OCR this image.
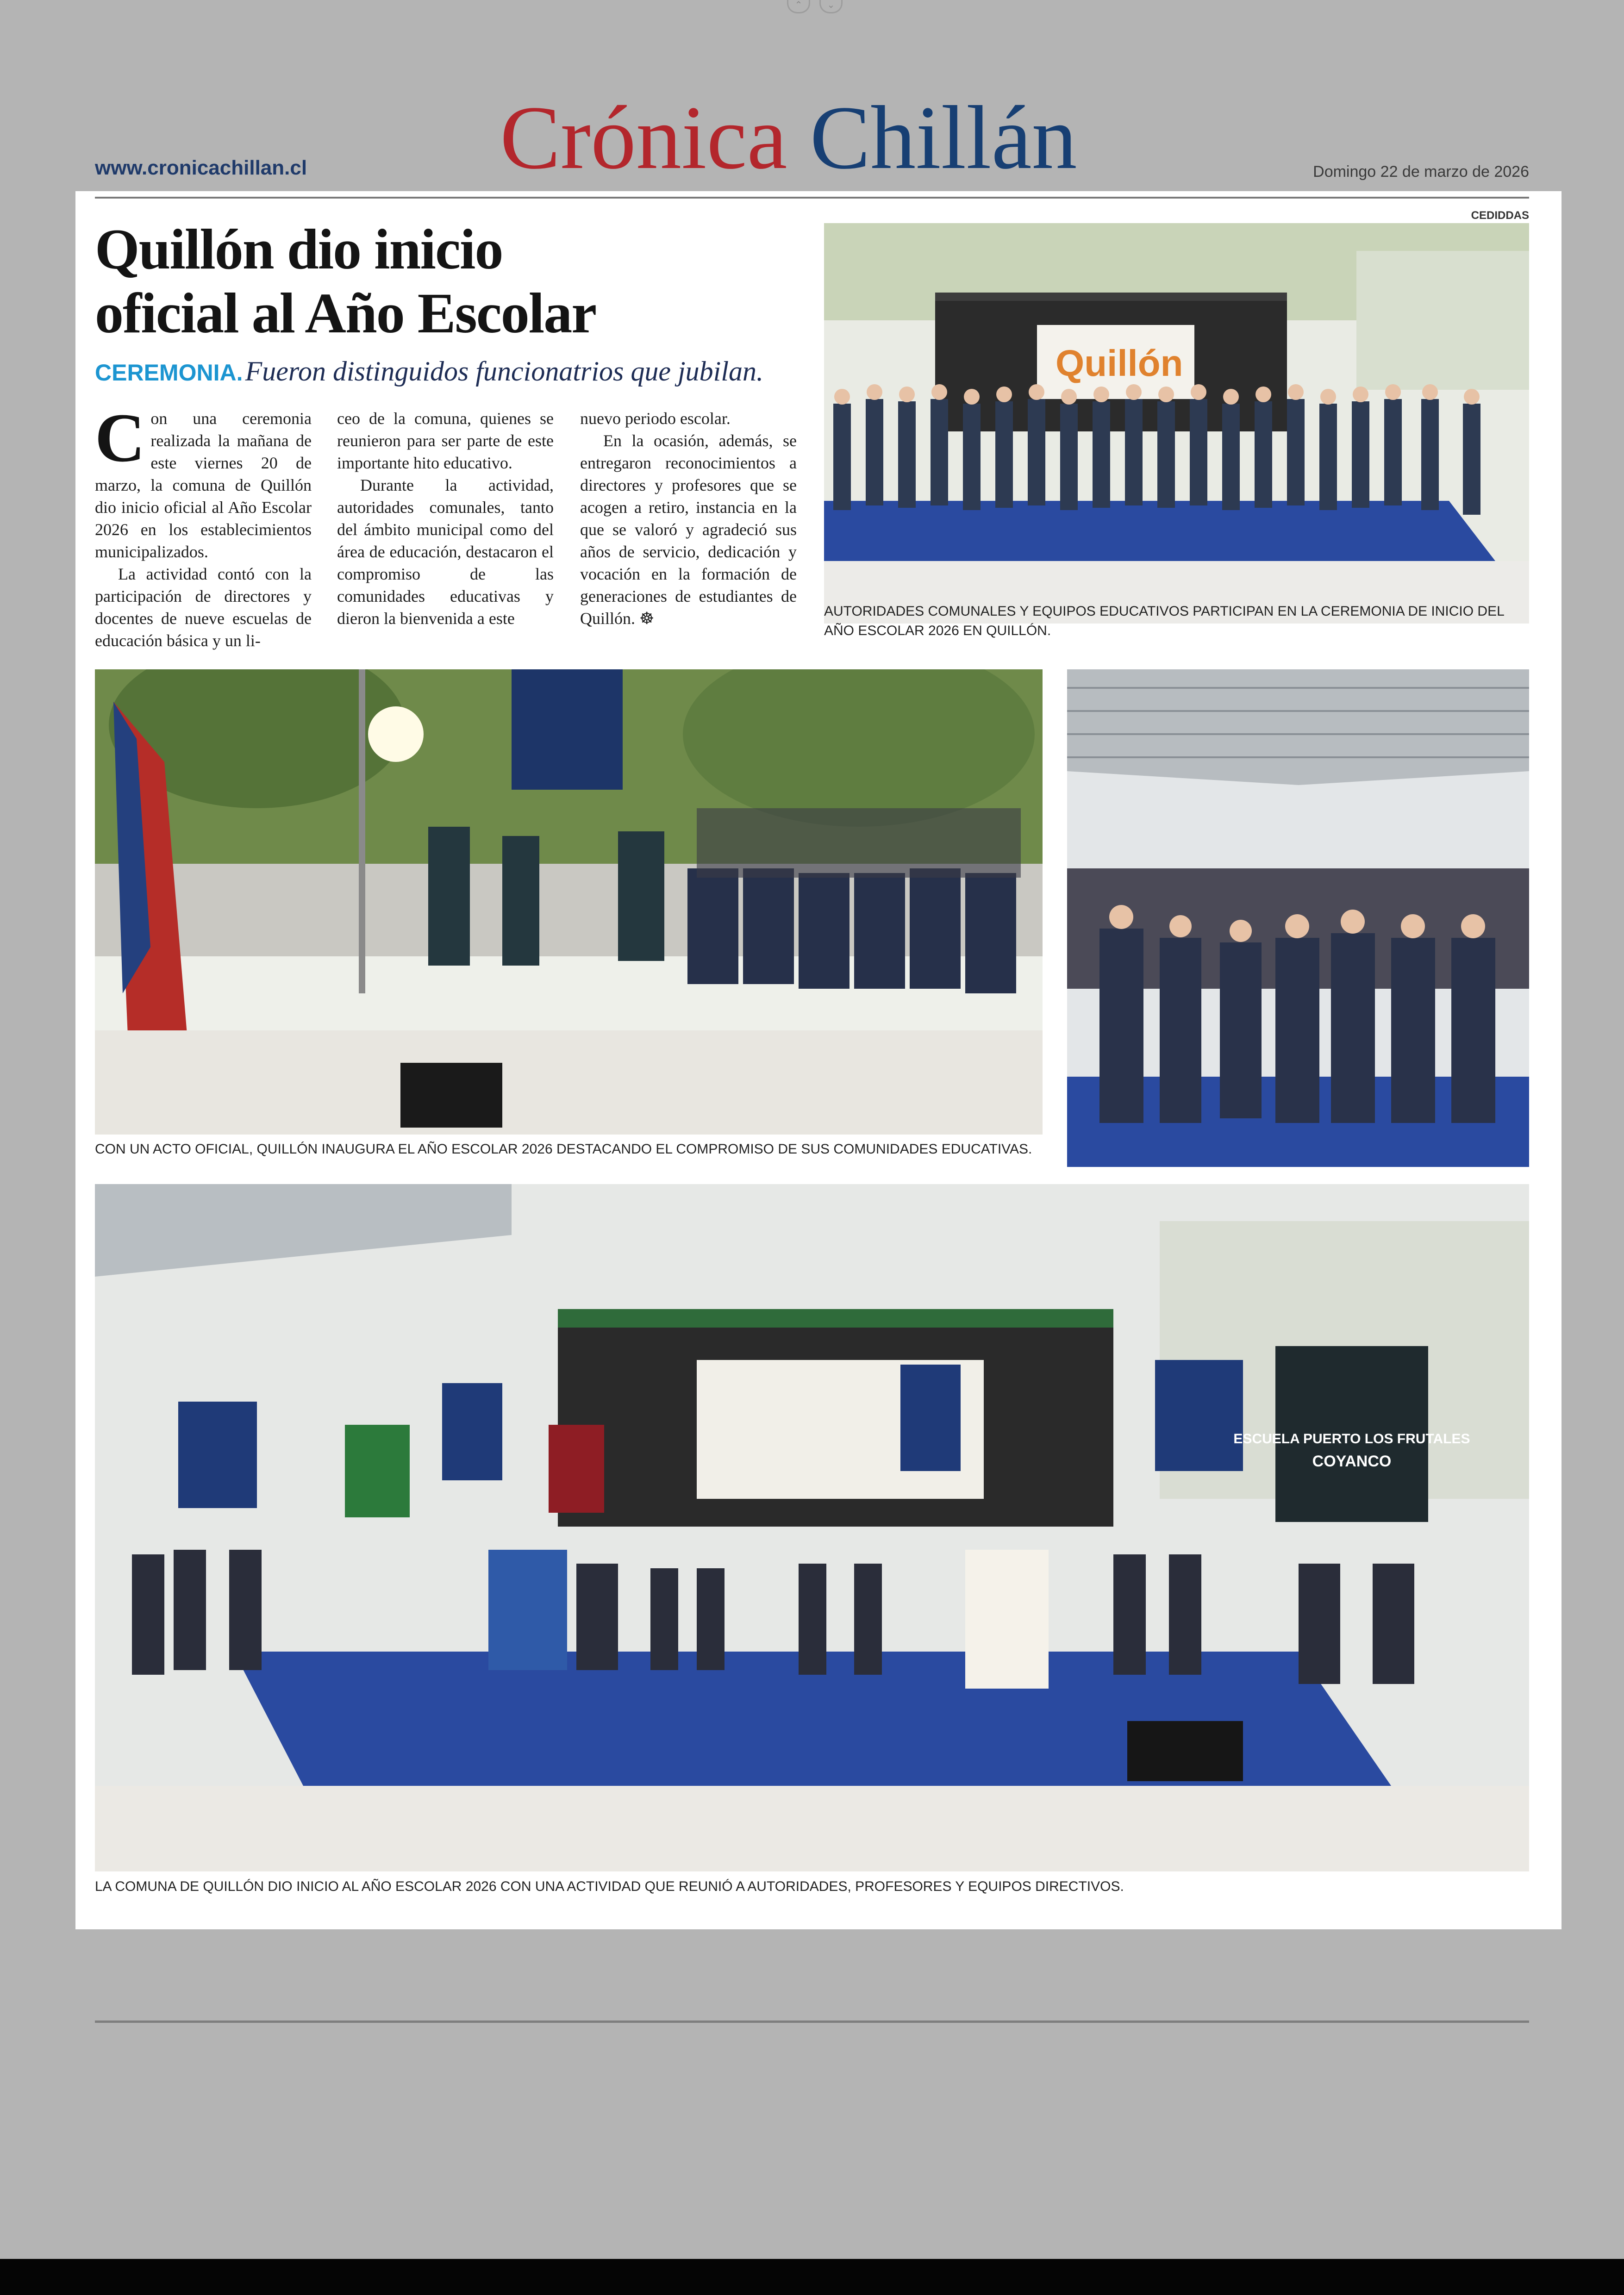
⌃	⌄
www.cronicachillan.cl Crónica Chillán	Domingo 22 de marzo de 2026
Quillón dio inicio
oficial al Año Escolar
CEREMONIA. Fueron distinguidos funcionatrios que jubilan.
C on una ceremonia realizada la mañana de este viernes 20 de marzo, la comuna de Quillón dio inicio oficial al Año Escolar 2026 en los establecimientos municipalizados.

La actividad contó con la participación de directores y docentes de nueve escuelas de educación básica y un li-

ceo de la comuna, quienes se reunieron para ser parte de este importante hito educativo.

Durante la actividad, autoridades comunales, tanto del ámbito municipal como del área de educación, destacaron el compromiso de las comunidades educativas y dieron la bienvenida a este

nuevo periodo escolar.

En la ocasión, además, se entregaron reconocimientos a directores y profesores que se acogen a retiro, instancia en la que se valoró y agradeció sus años de servicio, dedicación y vocación en la formación de generaciones de estudiantes de Quillón. ☸

CEDIDDAS
Quillón
AUTORIDADES COMUNALES Y EQUIPOS EDUCATIVOS PARTICIPAN EN LA CEREMONIA DE INICIO DEL AÑO ESCOLAR 2026 EN QUILLÓN.
CON UN ACTO OFICIAL, QUILLÓN INAUGURA EL AÑO ESCOLAR 2026 DESTACANDO EL COMPROMISO DE SUS COMUNIDADES EDUCATIVAS.
ESCUELA PUERTO LOS FRUTALES
COYANCO
LA COMUNA DE QUILLÓN DIO INICIO AL AÑO ESCOLAR 2026 CON UNA ACTIVIDAD QUE REUNIÓ A AUTORIDADES, PROFESORES Y EQUIPOS DIRECTIVOS.
